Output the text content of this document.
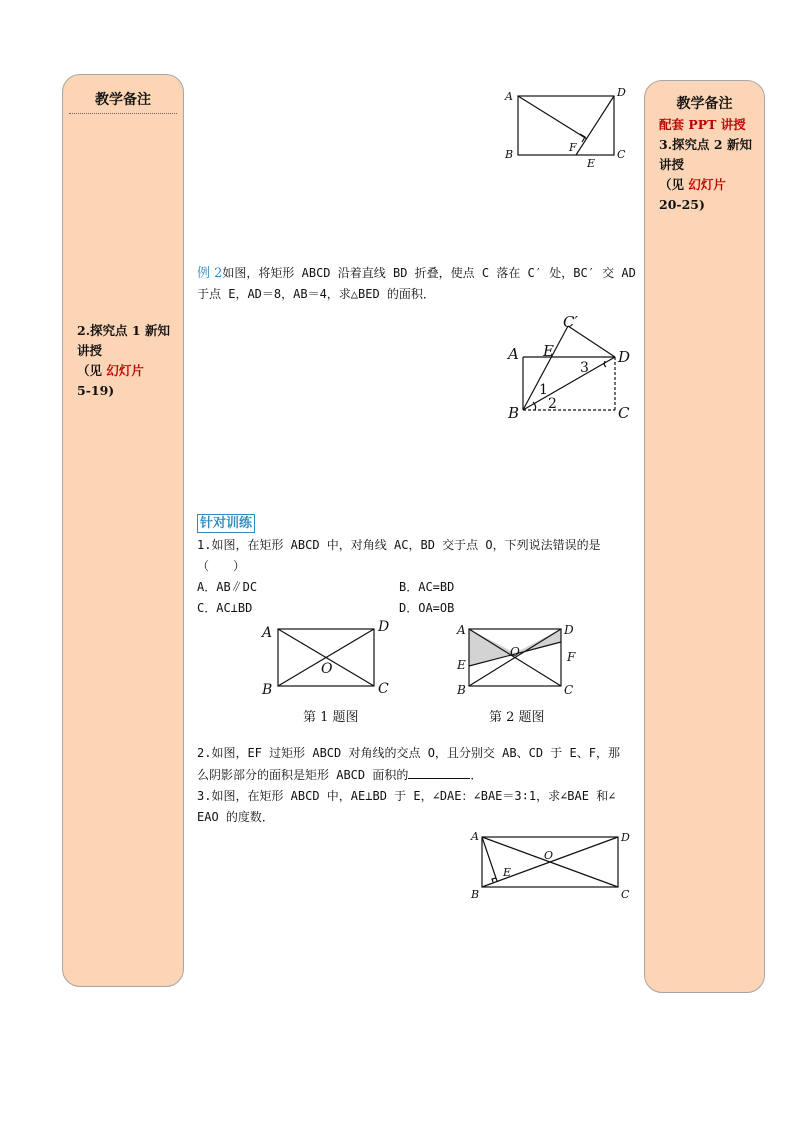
教学备注
2.探究点 1 新知讲授
（见 幻灯片
5-19)
教学备注
配套 PPT 讲授
3.探究点 2 新知讲授
（见 幻灯片
20-25)
A
B	C
D
E
F
例 2如图，将矩形 ABCD 沿着直线 BD 折叠，使点 C 落在 C′ 处，BC′ 交 AD
于点 E，AD＝8，AB＝4，求△BED 的面积．
C′
A E	D
B	C
1
2
3
针对训练
1.如图，在矩形 ABCD 中，对角线 AC，BD 交于点 O，下列说法错误的是
（　　）
A．AB∥DC	B．AC=BD
C．AC⊥BD	D．OA=OB
A
B	C
D
O
第 1 题图
A
B	C
D
E
F
O
第 2 题图
2.如图，EF 过矩形 ABCD 对角线的交点 O，且分别交 AB、CD 于 E、F，那
么阴影部分的面积是矩形 ABCD 面积的	．
3.如图，在矩形 ABCD 中，AE⊥BD 于 E，∠DAE：∠BAE＝3∶1，求∠BAE 和∠
EAO 的度数．
A
B	C
D
O
E
